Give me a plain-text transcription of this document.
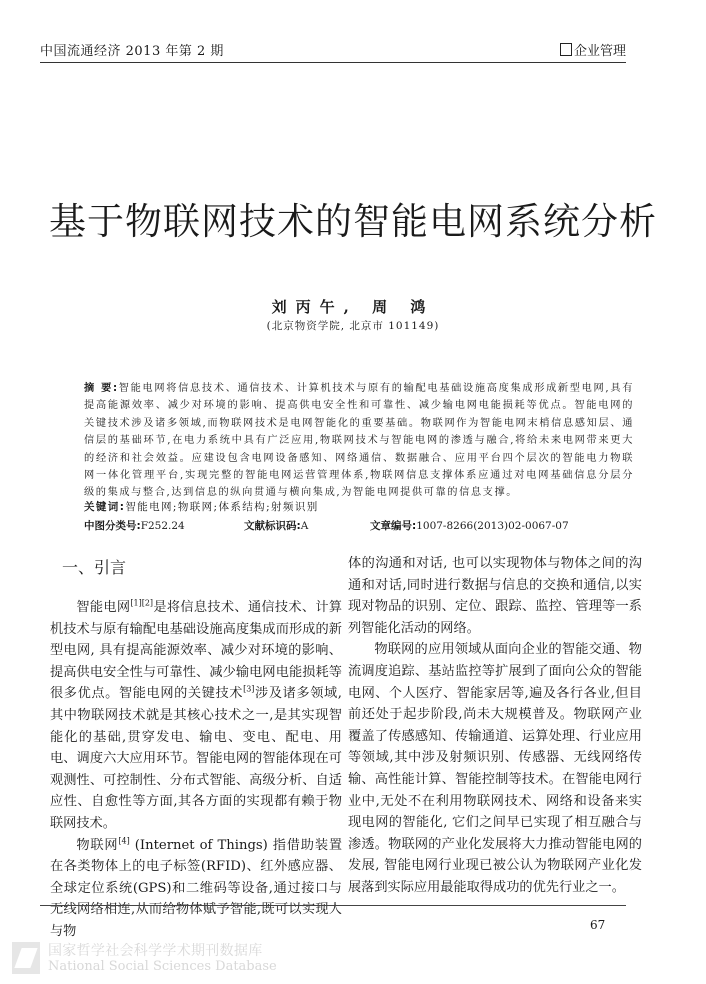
中国流通经济 2013 年第 2 期	企业管理
基于物联网技术的智能电网系统分析
刘丙午, 周 鸿
(北京物资学院, 北京市 101149)
摘 要:智能电网将信息技术、通信技术、计算机技术与原有的输配电基础设施高度集成形成新型电网,具有提高能源效率、减少对环境的影响、提高供电安全性和可靠性、减少输电网电能损耗等优点。智能电网的关键技术涉及诸多领域,而物联网技术是电网智能化的重要基础。物联网作为智能电网末梢信息感知层、通信层的基础环节,在电力系统中具有广泛应用,物联网技术与智能电网的渗透与融合,将给未来电网带来更大的经济和社会效益。应建设包含电网设备感知、网络通信、数据融合、应用平台四个层次的智能电力物联网一体化管理平台,实现完整的智能电网运营管理体系,物联网信息支撑体系应通过对电网基础信息分层分级的集成与整合,达到信息的纵向贯通与横向集成,为智能电网提供可靠的信息支撑。
关键词:智能电网;物联网;体系结构;射频识别
中图分类号:F252.24	文献标识码:A	文章编号:1007-8266(2013)02-0067-07
一、引言

智能电网[1][2]是将信息技术、通信技术、计算机技术与原有输配电基础设施高度集成而形成的新型电网, 具有提高能源效率、减少对环境的影响、提高供电安全性与可靠性、减少输电网电能损耗等很多优点。智能电网的关键技术[3]涉及诸多领域,其中物联网技术就是其核心技术之一,是其实现智能化的基础,贯穿发电、输电、变电、配电、用电、调度六大应用环节。智能电网的智能体现在可观测性、可控制性、分布式智能、高级分析、自适应性、自愈性等方面,其各方面的实现都有赖于物联网技术。

物联网[4] (Internet of Things) 指借助装置在各类物体上的电子标签(RFID)、红外感应器、全球定位系统(GPS)和二维码等设备,通过接口与无线网络相连,从而给物体赋予智能,既可以实现人与物

体的沟通和对话, 也可以实现物体与物体之间的沟通和对话,同时进行数据与信息的交换和通信,以实现对物品的识别、定位、跟踪、监控、管理等一系列智能化活动的网络。

物联网的应用领域从面向企业的智能交通、物流调度追踪、基站监控等扩展到了面向公众的智能电网、个人医疗、智能家居等,遍及各行各业,但目前还处于起步阶段,尚未大规模普及。物联网产业覆盖了传感感知、传输通道、运算处理、行业应用等领域,其中涉及射频识别、传感器、无线网络传输、高性能计算、智能控制等技术。在智能电网行业中,无处不在利用物联网技术、网络和设备来实现电网的智能化, 它们之间早已实现了相互融合与渗透。物联网的产业化发展将大力推动智能电网的发展, 智能电网行业现已被公认为物联网产业化发展落到实际应用最能取得成功的优先行业之一。

67
国家哲学社会科学学术期刊数据库
National Social Sciences Database
